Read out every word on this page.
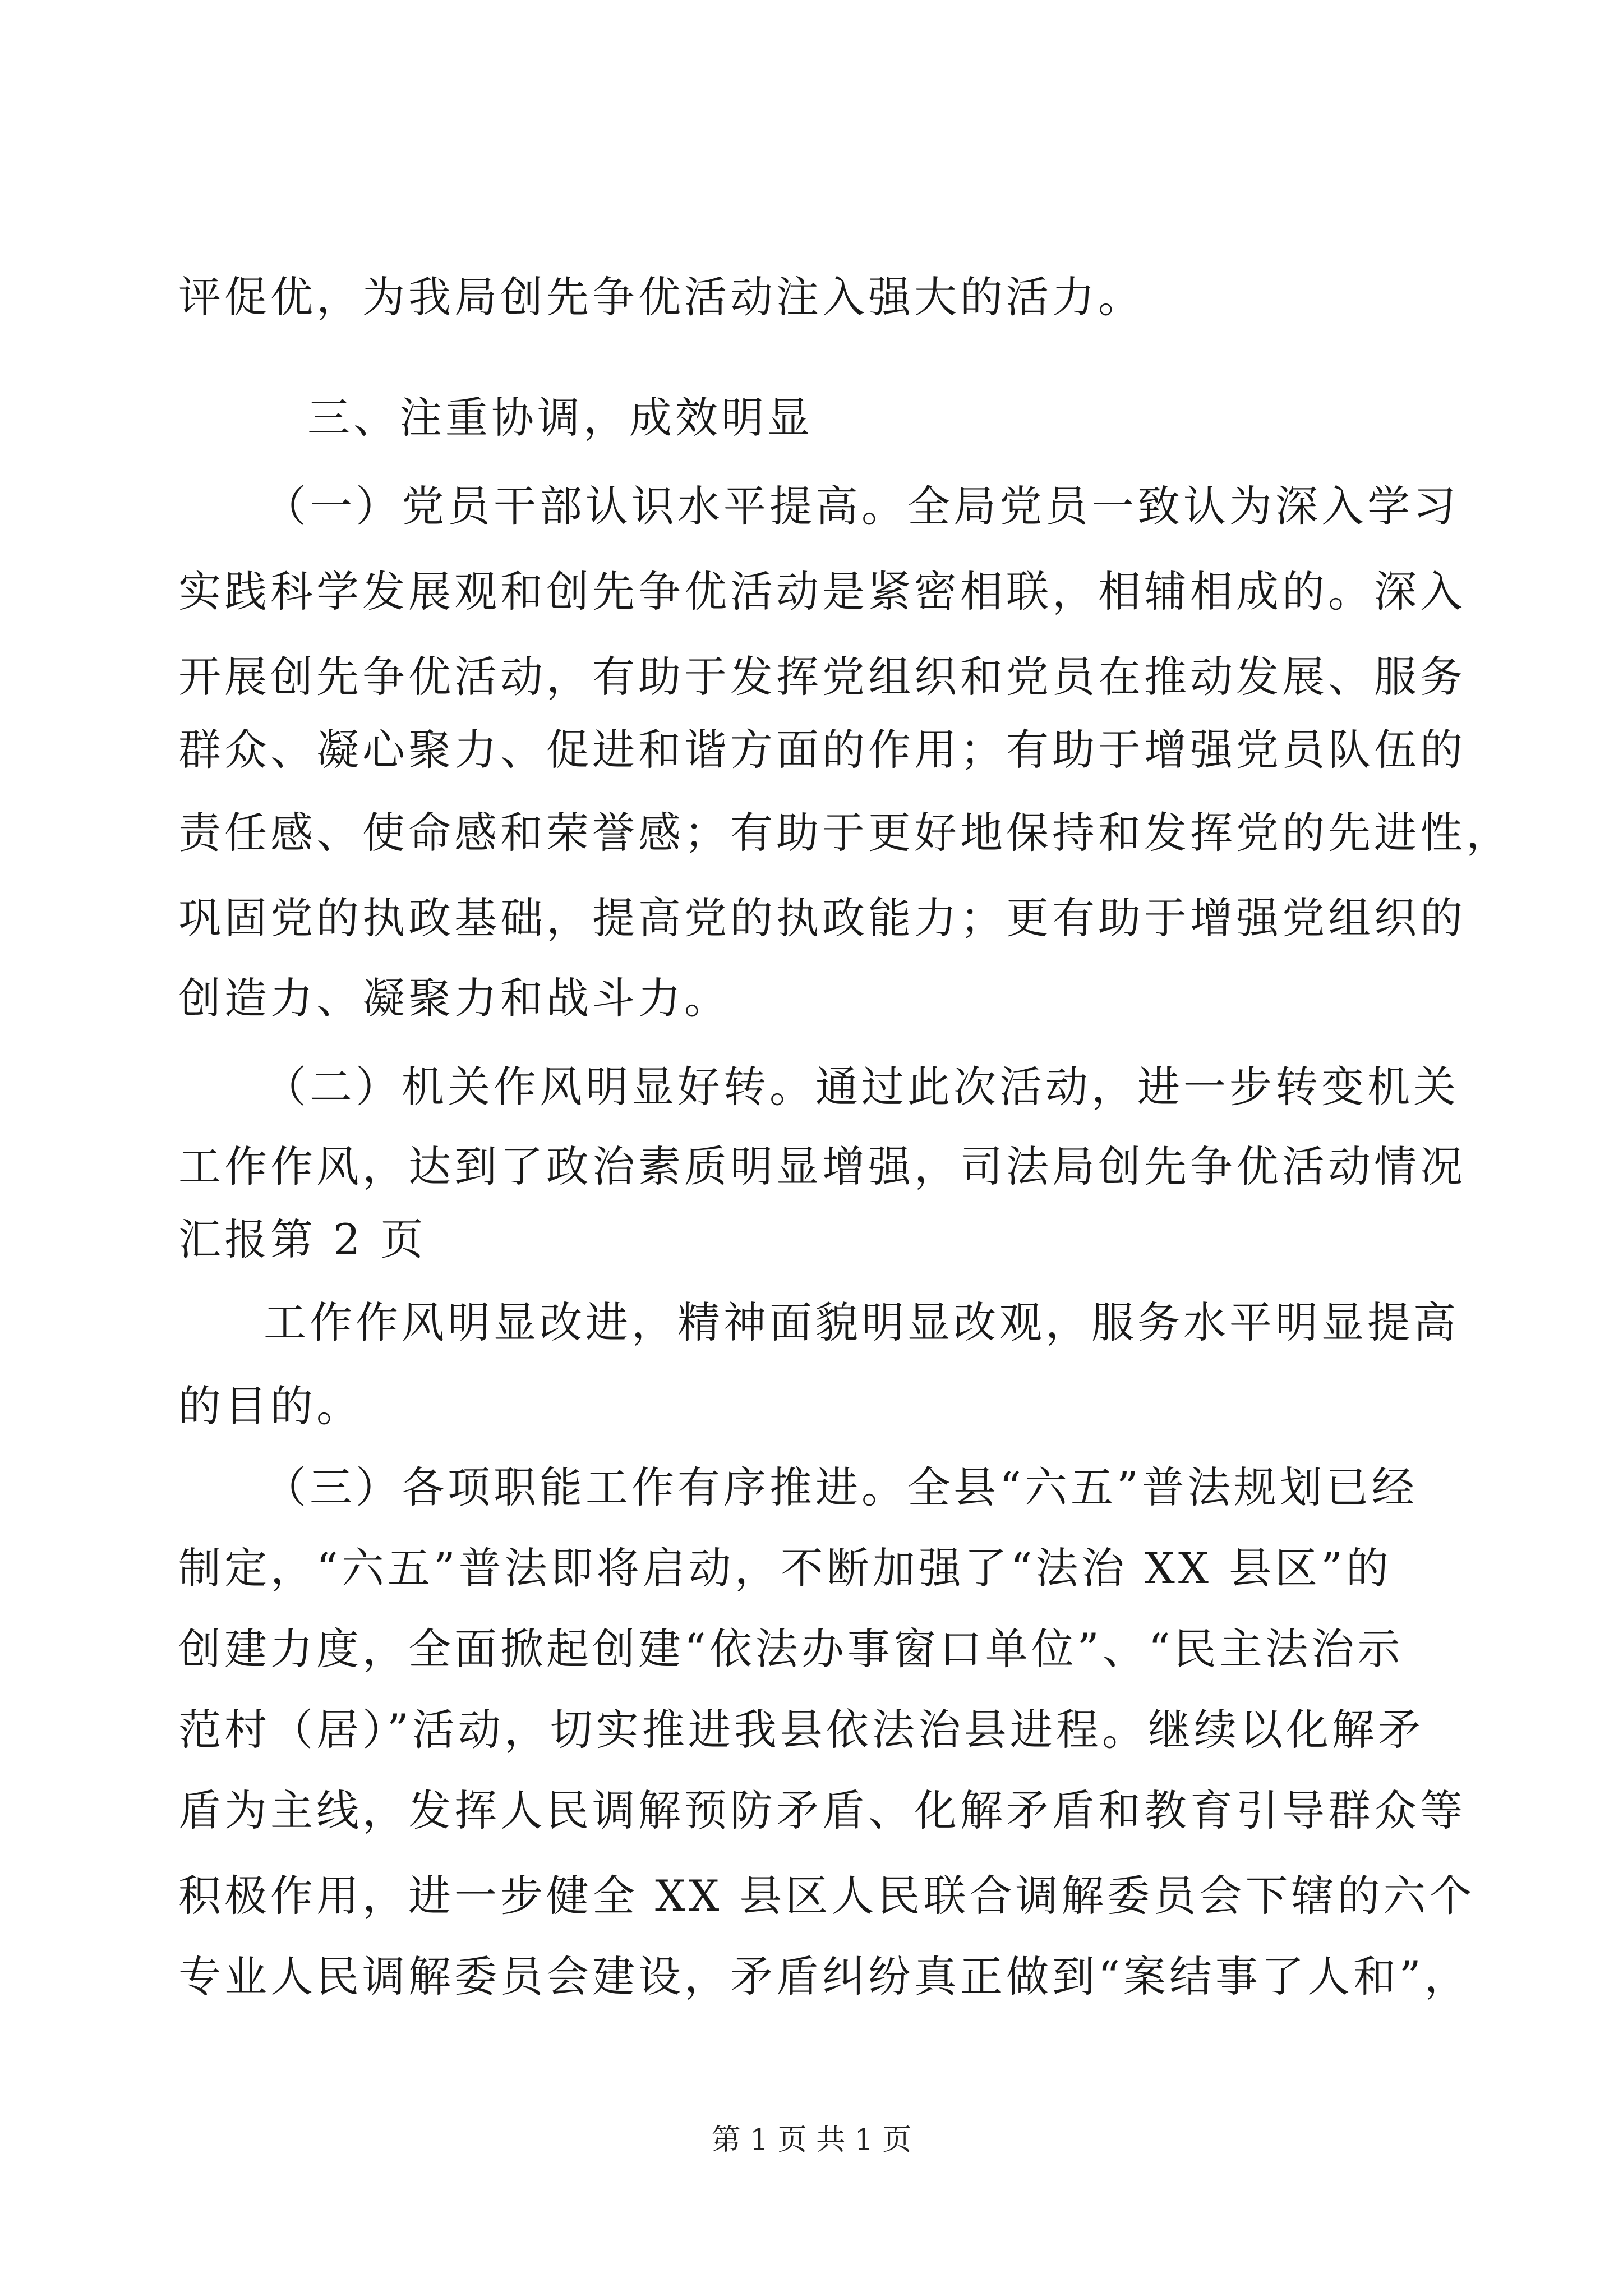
评促优，为我局创先争优活动注入强大的活力。
三、注重协调，成效明显
（一）党员干部认识水平提高。全局党员一致认为深入学习
实践科学发展观和创先争优活动是紧密相联，相辅相成的。深入
开展创先争优活动，有助于发挥党组织和党员在推动发展、服务
群众、凝心聚力、促进和谐方面的作用；有助于增强党员队伍的
责任感、使命感和荣誉感；有助于更好地保持和发挥党的先进性，
巩固党的执政基础，提高党的执政能力；更有助于增强党组织的
创造力、凝聚力和战斗力。
（二）机关作风明显好转。通过此次活动，进一步转变机关
工作作风，达到了政治素质明显增强，司法局创先争优活动情况
汇报第 2 页
工作作风明显改进，精神面貌明显改观，服务水平明显提高
的目的。
（三）各项职能工作有序推进。全县“六五”普法规划已经
制定，“六五”普法即将启动，不断加强了“法治 XX 县区”的
创建力度，全面掀起创建“依法办事窗口单位”、“民主法治示
范村（居）”活动，切实推进我县依法治县进程。继续以化解矛
盾为主线，发挥人民调解预防矛盾、化解矛盾和教育引导群众等
积极作用，进一步健全 XX 县区人民联合调解委员会下辖的六个
专业人民调解委员会建设，矛盾纠纷真正做到“案结事了人和”，
第 1 页 共 1 页
